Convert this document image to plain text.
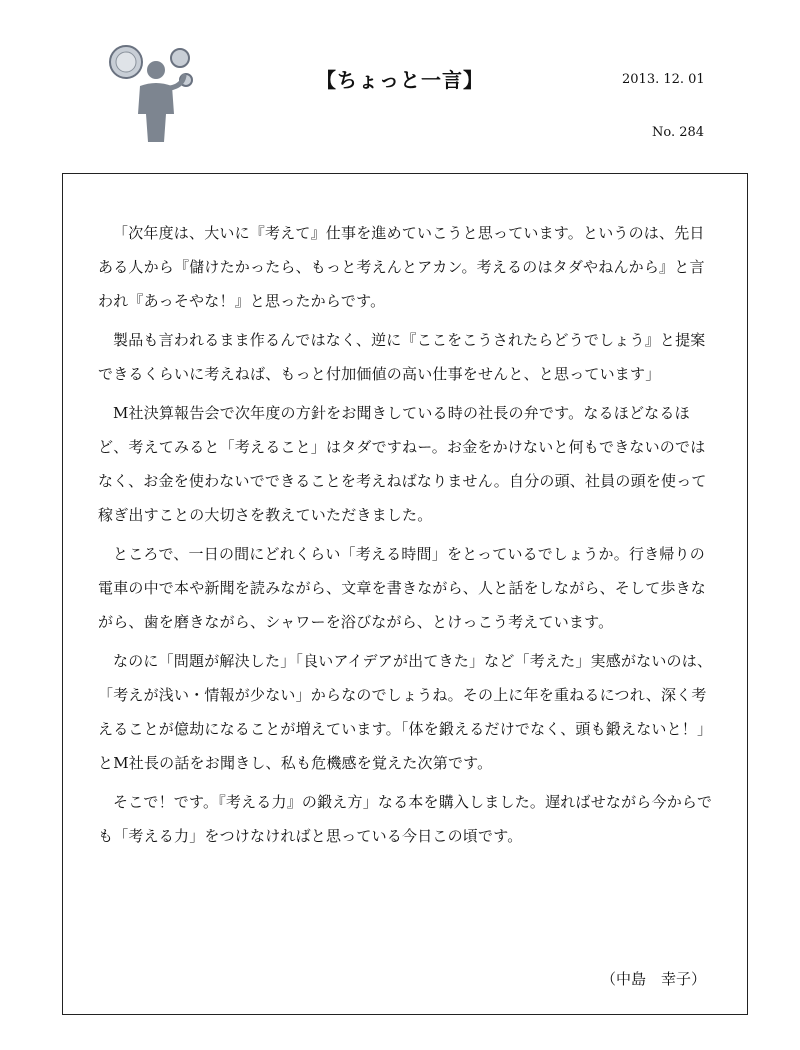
【ちょっと一言】	2013. 12. 01
No. 284

「次年度は、大いに『考えて』仕事を進めていこうと思っています。というのは、先日ある人から『儲けたかったら、もっと考えんとアカン。考えるのはタダやねんから』と言われ『あっそやな！』と思ったからです。

製品も言われるまま作るんではなく、逆に『ここをこうされたらどうでしょう』と提案できるくらいに考えねば、もっと付加価値の高い仕事をせんと、と思っています」

M社決算報告会で次年度の方針をお聞きしている時の社長の弁です。なるほどなるほど、考えてみると「考えること」はタダですねー。お金をかけないと何もできないのではなく、お金を使わないでできることを考えねばなりません。自分の頭、社員の頭を使って稼ぎ出すことの大切さを教えていただきました。

ところで、一日の間にどれくらい「考える時間」をとっているでしょうか。行き帰りの電車の中で本や新聞を読みながら、文章を書きながら、人と話をしながら、そして歩きながら、歯を磨きながら、シャワーを浴びながら、とけっこう考えています。

なのに「問題が解決した」「良いアイデアが出てきた」など「考えた」実感がないのは、「考えが浅い・情報が少ない」からなのでしょうね。その上に年を重ねるにつれ、深く考えることが億劫になることが増えています。「体を鍛えるだけでなく、頭も鍛えないと！」とM社長の話をお聞きし、私も危機感を覚えた次第です。

そこで！です。『考える力』の鍛え方」なる本を購入しました。遅ればせながら今からでも「考える力」をつけなければと思っている今日この頃です。

（中島　幸子）
